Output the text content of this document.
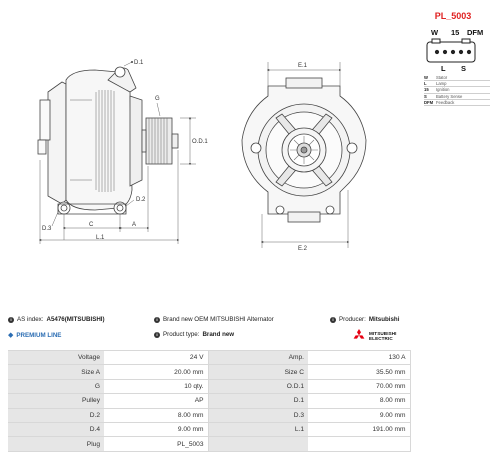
D.1
G
O.D.1
D.2
D.3
C	A
L.1
E.1
E.2
PL_5003
W 15 DFM
L S
W	Stator
L	Lamp
15	Ignition
S	Battery Sense
DFM Feedback
i AS index: A5476(MITSUBISHI)	i Brand new OEM MITSUBISHI Alternator	i Producer: Mitsubishi
◆ PREMIUM LINE	i Product type: Brand new	MITSUBISHI
ELECTRIC
Voltage	24 V	Amp.	130 A
Size A	20.00 mm	Size C	35.50 mm
G	10 qty.	O.D.1	70.00 mm
Pulley	AP	D.1	8.00 mm
D.2	8.00 mm	D.3	9.00 mm
D.4	9.00 mm	L.1	191.00 mm
Plug	PL_5003		
